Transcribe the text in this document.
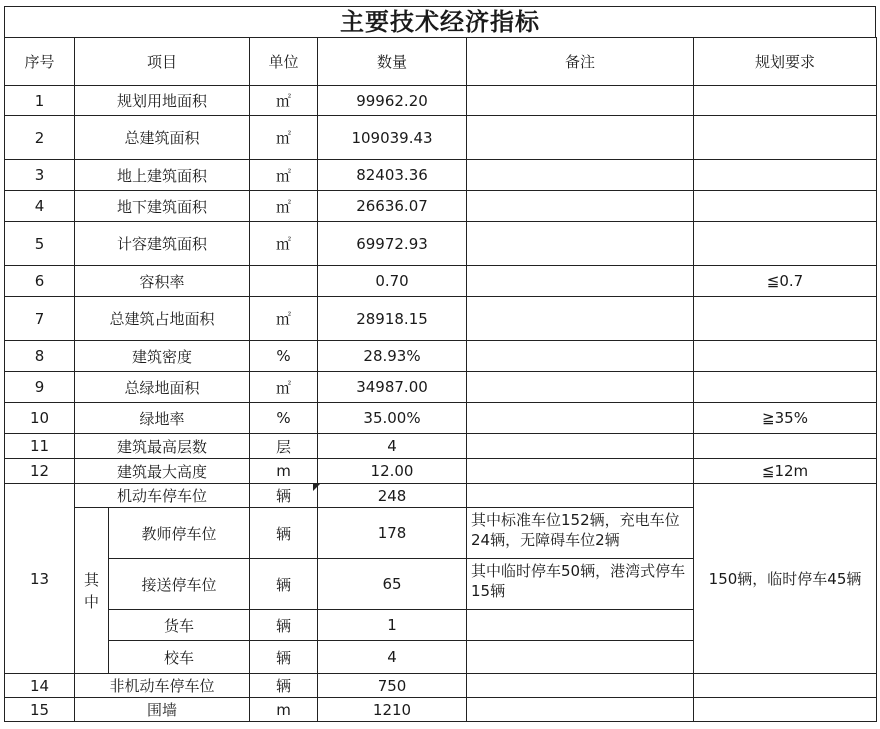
主要技术经济指标
序号	项目		单位	数量	备注	规划要求
1	规划用地面积		㎡	99962.20		
2	总建筑面积		㎡	109039.43		
3	地上建筑面积		㎡	82403.36		
4	地下建筑面积		㎡	26636.07		
5	计容建筑面积		㎡	69972.93		
6	容积率			0.70		≦0.7
7	总建筑占地面积		㎡	28918.15		
8	建筑密度		%	28.93%		
9	总绿地面积		㎡	34987.00		
10	绿地率		%	35.00%		≧35%
11	建筑最高层数		层	4		
12	建筑最大高度		m	12.00		≦12m
13	机动车停车位		辆	248		150辆，临时停车45辆
	其中	教师停车位	辆	178	其中标准车位152辆，充电车位24辆，无障碍车位2辆	
		接送停车位	辆	65	其中临时停车50辆，港湾式停车15辆	
		货车	辆	1		
		校车	辆	4		
14	非机动车停车位		辆	750		
15	围墙		m	1210		
